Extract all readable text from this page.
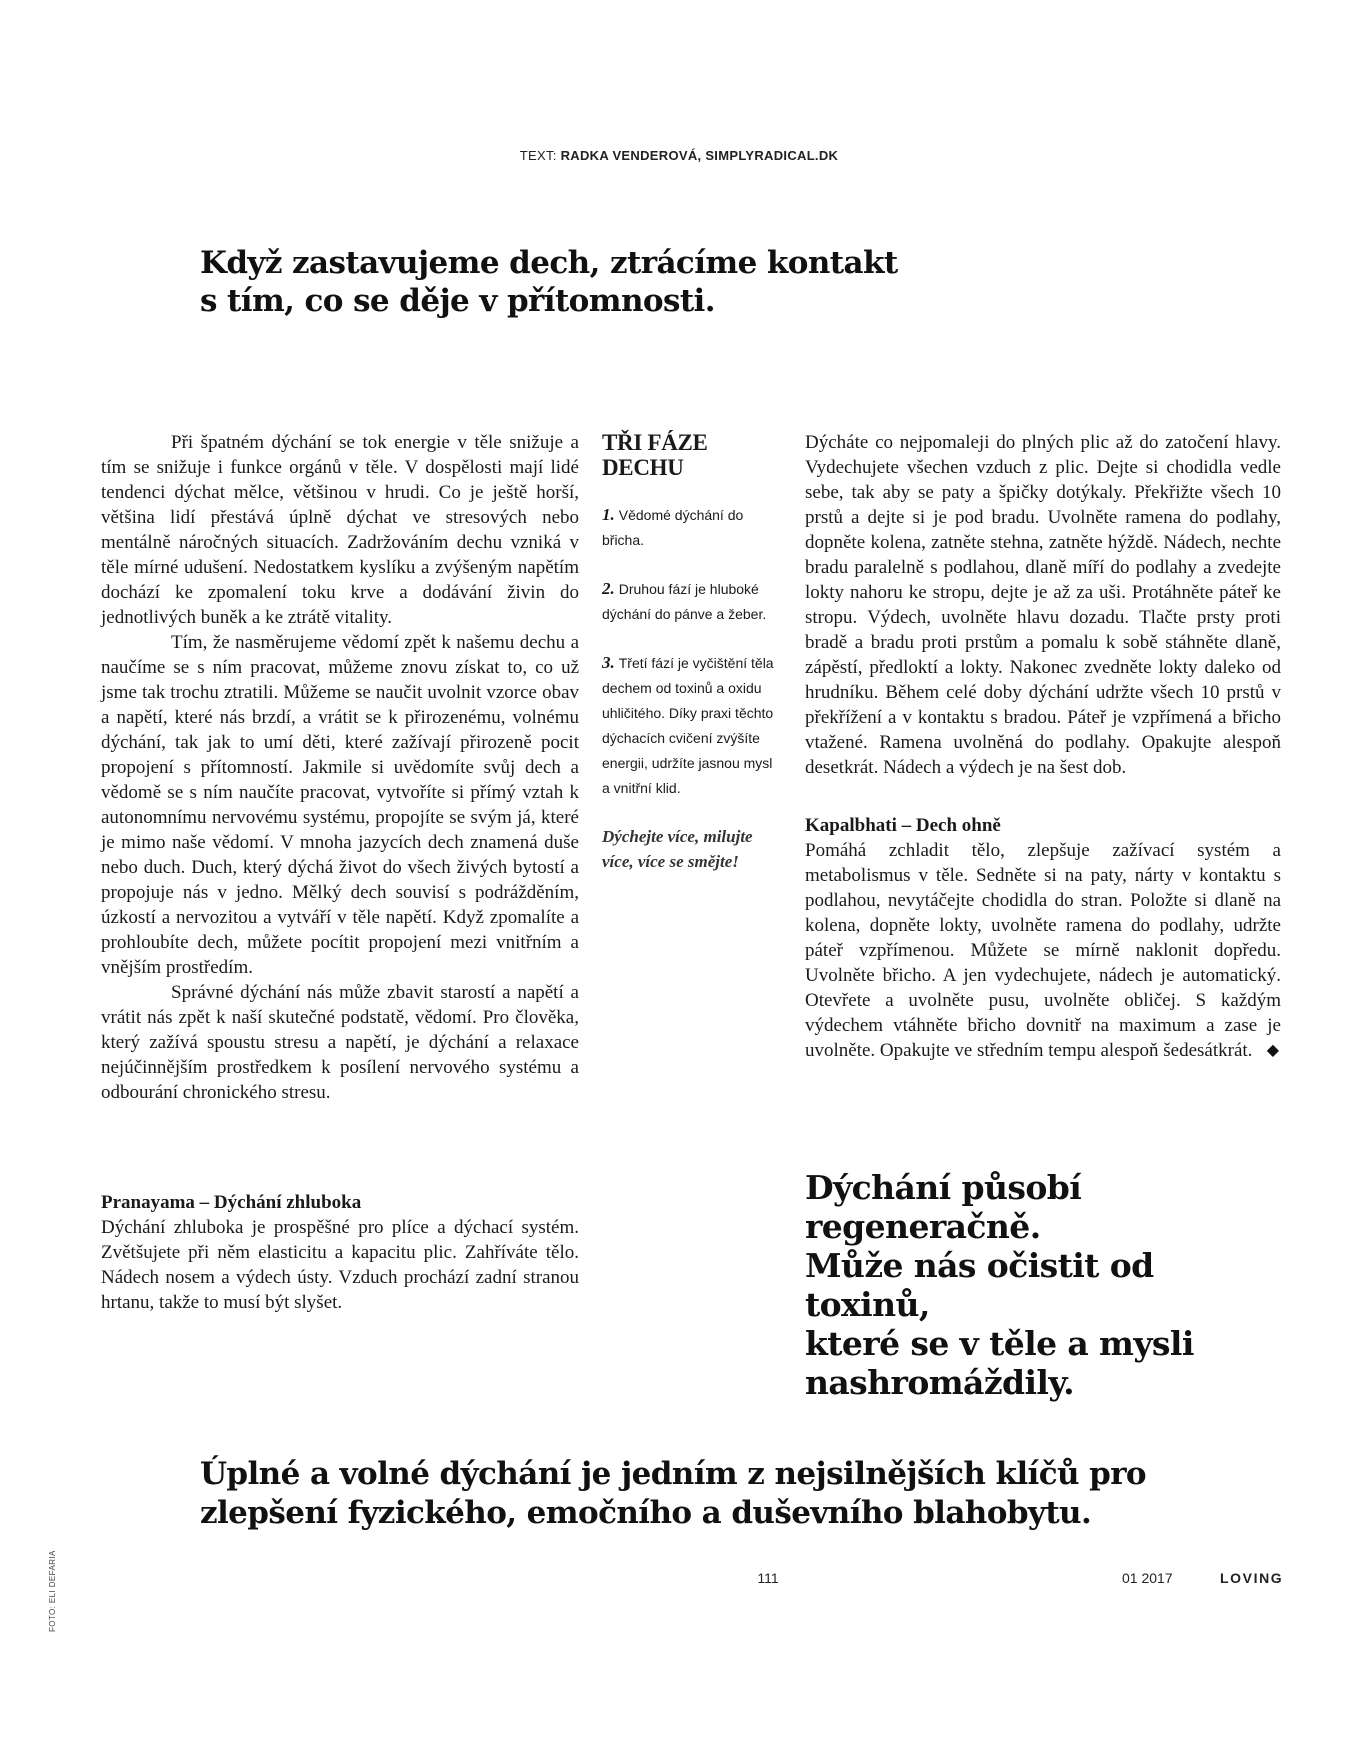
TEXT: RADKA VENDEROVÁ, SIMPLYRADICAL.DK
Když zastavujeme dech, ztrácíme kontakt
s tím, co se děje v přítomnosti.

Při špatném dýchání se tok energie v těle snižuje a tím se snižuje i funkce orgánů v těle. V dospělosti mají lidé tendenci dýchat mělce, většinou v hrudi. Co je ještě horší, většina lidí přestává úplně dýchat ve stresových nebo mentálně náročných situacích. Zadržováním dechu vzniká v těle mírné udušení. Nedostatkem kyslíku a zvýšeným napětím dochází ke zpomalení toku krve a dodávání živin do jednotlivých buněk a ke ztrátě vitality.

Tím, že nasměrujeme vědomí zpět k našemu dechu a naučíme se s ním pracovat, můžeme znovu získat to, co už jsme tak trochu ztratili. Můžeme se naučit uvolnit vzorce obav a napětí, které nás brzdí, a vrátit se k přirozenému, volnému dýchání, tak jak to umí děti, které zažívají přirozeně pocit propojení s přítomností. Jakmile si uvědomíte svůj dech a vědomě se s ním naučíte pracovat, vytvoříte si přímý vztah k autonomnímu nervovému systému, propojíte se svým já, které je mimo naše vědomí. V mnoha jazycích dech znamená duše nebo duch. Duch, který dýchá život do všech živých bytostí a propojuje nás v jedno. Mělký dech souvisí s podrážděním, úzkostí a nervozitou a vytváří v těle napětí. Když zpomalíte a prohloubíte dech, můžete pocítit propojení mezi vnitřním a vnějším prostředím.

Správné dýchání nás může zbavit starostí a napětí a vrátit nás zpět k naší skutečné podstatě, vědomí. Pro člověka, který zažívá spoustu stresu a napětí, je dýchání a relaxace nejúčinnějším prostředkem k posílení nervového systému a odbourání chronického stresu.

Pranayama – Dýchání zhluboka

Dýchání zhluboka je prospěšné pro plíce a dýchací systém. Zvětšujete při něm elasticitu a kapacitu plic. Zahříváte tělo. Nádech nosem a výdech ústy. Vzduch prochází zadní stranou hrtanu, takže to musí být slyšet.

TŘI FÁZE DECHU

1. Vědomé dýchání do břicha.

2. Druhou fází je hluboké dýchání do pánve a žeber.

3. Třetí fází je vyčištění těla dechem od toxinů a oxidu uhličitého. Díky praxi těchto dýchacích cvičení zvýšíte energii, udržíte jasnou mysl a vnitřní klid.

Dýchejte více, milujte více, více se smějte!

Dýcháte co nejpomaleji do plných plic až do zatočení hlavy. Vydechujete všechen vzduch z plic. Dejte si chodidla vedle sebe, tak aby se paty a špičky dotýkaly. Překřižte všech 10 prstů a dejte si je pod bradu. Uvolněte ramena do podlahy, dopněte kolena, zatněte stehna, zatněte hýždě. Nádech, nechte bradu paralelně s podlahou, dlaně míří do podlahy a zvedejte lokty nahoru ke stropu, dejte je až za uši. Protáhněte páteř ke stropu. Výdech, uvolněte hlavu dozadu. Tlačte prsty proti bradě a bradu proti prstům a pomalu k sobě stáhněte dlaně, zápěstí, předloktí a lokty. Nakonec zvedněte lokty daleko od hrudníku. Během celé doby dýchání udržte všech 10 prstů v překřížení a v kontaktu s bradou. Páteř je vzpřímená a břicho vtažené. Ramena uvolněná do podlahy. Opakujte alespoň desetkrát. Nádech a výdech je na šest dob.

Kapalbhati – Dech ohně

Pomáhá zchladit tělo, zlepšuje zažívací systém a metabolismus v těle. Sedněte si na paty, nárty v kontaktu s podlahou, nevytáčejte chodidla do stran. Položte si dlaně na kolena, dopněte lokty, uvolněte ramena do podlahy, udržte páteř vzpřímenou. Můžete se mírně naklonit dopředu. Uvolněte břicho. A jen vydechujete, nádech je automatický. Otevřete a uvolněte pusu, uvolněte obličej. S každým výdechem vtáhněte břicho dovnitř na maximum a zase je uvolněte. Opakujte ve středním tempu alespoň šedesátkrát. ◆

Dýchání působí regeneračně.
Může nás očistit od toxinů,
které se v těle a mysli
nashromáždily.
Úplné a volné dýchání je jedním z nejsilnějších klíčů pro
zlepšení fyzického, emočního a duševního blahobytu.
111	01 2017	LOVING
FOTO: ELI DEFARIA
